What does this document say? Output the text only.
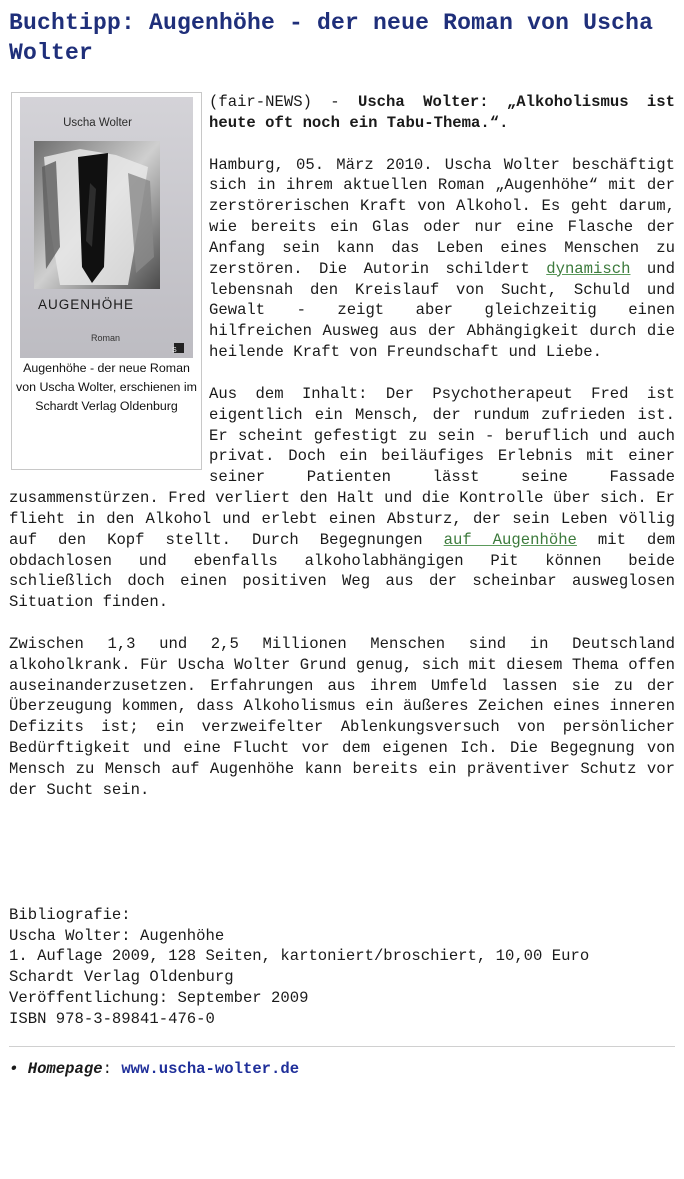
Buchtipp: Augenhöhe - der neue Roman von Uscha Wolter
S
Uscha Wolter
AUGENHÖHE
Roman
Augenhöhe - der neue Roman von Uscha Wolter, erschienen im Schardt Verlag Oldenburg

(fair-NEWS) - Uscha Wolter: „Alkoholismus ist heute oft noch ein Tabu-Thema.“.

Hamburg, 05. März 2010. Uscha Wolter beschäftigt sich in ihrem aktuellen Roman „Augenhöhe“ mit der zerstörerischen Kraft von Alkohol. Es geht darum, wie bereits ein Glas oder nur eine Flasche der Anfang sein kann das Leben eines Menschen zu zerstören. Die Autorin schildert dynamisch und lebensnah den Kreislauf von Sucht, Schuld und Gewalt - zeigt aber gleichzeitig einen hilfreichen Ausweg aus der Abhängigkeit durch die heilende Kraft von Freundschaft und Liebe.

Aus dem Inhalt: Der Psychotherapeut Fred ist eigentlich ein Mensch, der rundum zufrieden ist. Er scheint gefestigt zu sein - beruflich und auch privat. Doch ein beiläufiges Erlebnis mit einer seiner Patienten lässt seine Fassade zusammenstürzen. Fred verliert den Halt und die Kontrolle über sich. Er flieht in den Alkohol und erlebt einen Absturz, der sein Leben völlig auf den Kopf stellt. Durch Begegnungen auf Augenhöhe mit dem obdachlosen und ebenfalls alkoholabhängigen Pit können beide schließlich doch einen positiven Weg aus der scheinbar ausweglosen Situation finden.

Zwischen 1,3 und 2,5 Millionen Menschen sind in Deutschland alkoholkrank. Für Uscha Wolter Grund genug, sich mit diesem Thema offen auseinanderzusetzen. Erfahrungen aus ihrem Umfeld lassen sie zu der Überzeugung kommen, dass Alkoholismus ein äußeres Zeichen eines inneren Defizits ist; ein verzweifelter Ablenkungsversuch von persönlicher Bedürftigkeit und eine Flucht vor dem eigenen Ich. Die Begegnung von Mensch zu Mensch auf Augenhöhe kann bereits ein präventiver Schutz vor der Sucht sein.

Bibliografie:
Uscha Wolter: Augenhöhe
1. Auflage 2009, 128 Seiten, kartoniert/broschiert, 10,00 Euro
Schardt Verlag Oldenburg
Veröffentlichung: September 2009
ISBN 978-3-89841-476-0
• Homepage: www.uscha-wolter.de
